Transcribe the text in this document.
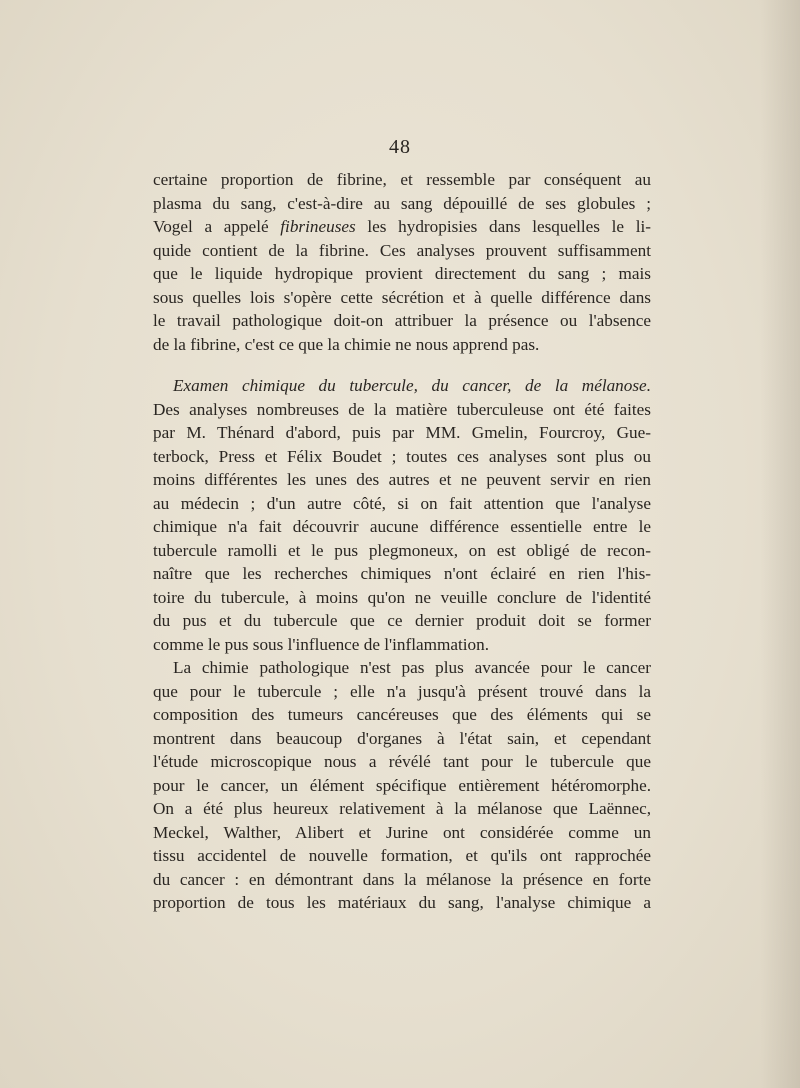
48
certaine proportion de fibrine, et ressemble par conséquent au
plasma du sang, c'est-à-dire au sang dépouillé de ses globules ;
Vogel a appelé fibrineuses les hydropisies dans lesquelles le li-
quide contient de la fibrine. Ces analyses prouvent suffisamment
que le liquide hydropique provient directement du sang ; mais
sous quelles lois s'opère cette sécrétion et à quelle différence dans
le travail pathologique doit-on attribuer la présence ou l'absence
de la fibrine, c'est ce que la chimie ne nous apprend pas.
Examen chimique du tubercule, du cancer, de la mélanose.
Des analyses nombreuses de la matière tuberculeuse ont été faites
par M. Thénard d'abord, puis par MM. Gmelin, Fourcroy, Gue-
terbock, Press et Félix Boudet ; toutes ces analyses sont plus ou
moins différentes les unes des autres et ne peuvent servir en rien
au médecin ; d'un autre côté, si on fait attention que l'analyse
chimique n'a fait découvrir aucune différence essentielle entre le
tubercule ramolli et le pus plegmoneux, on est obligé de recon-
naître que les recherches chimiques n'ont éclairé en rien l'his-
toire du tubercule, à moins qu'on ne veuille conclure de l'identité
du pus et du tubercule que ce dernier produit doit se former
comme le pus sous l'influence de l'inflammation.
La chimie pathologique n'est pas plus avancée pour le cancer
que pour le tubercule ; elle n'a jusqu'à présent trouvé dans la
composition des tumeurs cancéreuses que des éléments qui se
montrent dans beaucoup d'organes à l'état sain, et cependant
l'étude microscopique nous a révélé tant pour le tubercule que
pour le cancer, un élément spécifique entièrement hétéromorphe.
On a été plus heureux relativement à la mélanose que Laënnec,
Meckel, Walther, Alibert et Jurine ont considérée comme un
tissu accidentel de nouvelle formation, et qu'ils ont rapprochée
du cancer : en démontrant dans la mélanose la présence en forte
proportion de tous les matériaux du sang, l'analyse chimique a
